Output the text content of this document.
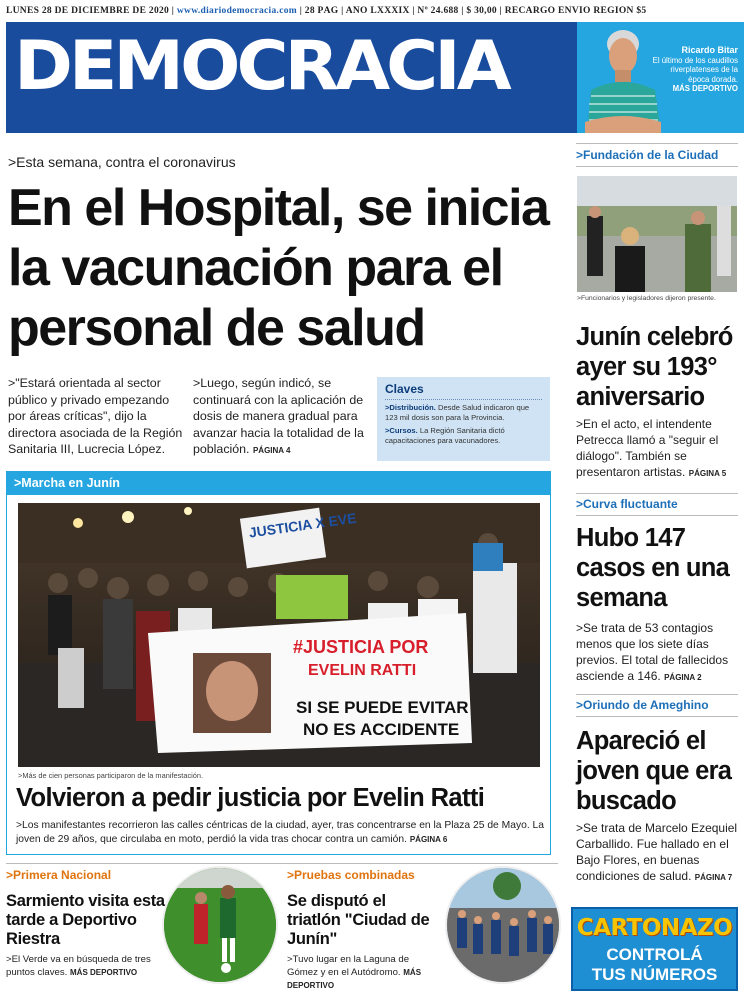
LUNES 28 DE DICIEMBRE DE 2020 | www.diariodemocracia.com | 28 PÁG | AÑO LXXXIX | Nº 24.688 | $ 30,00 | RECARGO ENVÍO REGIÓN $5
DEMOCRACIA	Ricardo Bitar
El último de los caudillos riverplatenses de la época dorada.
MÁS DEPORTIVO
>Esta semana, contra el coronavirus
En el Hospital, se inicia la vacunación para el personal de salud
>"Estará orientada al sector público y privado empezando por áreas críticas", dijo la directora asociada de la Región Sanitaria III, Lucrecia López.
>Luego, según indicó, se continuará con la aplicación de dosis de manera gradual para avanzar hacia la totalidad de la población. PÁGINA 4
Claves

>Distribución. Desde Salud indicaron que 123 mil dosis son para la Provincia.

>Cursos. La Región Sanitaria dictó capacitaciones para vacunadores.

>Marcha en Junín
JUSTICIA X EVE
#JUSTICIA POR
EVELIN RATTI
SI SE PUEDE EVITAR
NO ES ACCIDENTE
>Más de cien personas participaron de la manifestación.
Volvieron a pedir justicia por Evelin Ratti
>Los manifestantes recorrieron las calles céntricas de la ciudad, ayer, tras concentrarse en la Plaza 25 de Mayo. La joven de 29 años, que circulaba en moto, perdió la vida tras chocar contra un camión. PÁGINA 6
>Fundación de la Ciudad
>Funcionarios y legisladores dijeron presente.
Junín celebró ayer su 193° aniversario
>En el acto, el intendente Petrecca llamó a "seguir el diálogo". También se presentaron artistas. PÁGINA 5
>Curva fluctuante
Hubo 147 casos en una semana
>Se trata de 53 contagios menos que los siete días previos. El total de fallecidos asciende a 146. PÁGINA 2
>Oriundo de Ameghino
Apareció el joven que era buscado
>Se trata de Marcelo Ezequiel Carballido. Fue hallado en el Bajo Flores, en buenas condiciones de salud. PÁGINA 7
>Primera Nacional
Sarmiento visita esta tarde a Deportivo Riestra
>El Verde va en búsqueda de tres puntos claves. MÁS DEPORTIVO
>Pruebas combinadas
Se disputó el triatlón "Ciudad de Junín"
>Tuvo lugar en la Laguna de Gómez y en el Autódromo. MÁS DEPORTIVO
CARTONAZO
CONTROLÁ
TUS NÚMEROS
